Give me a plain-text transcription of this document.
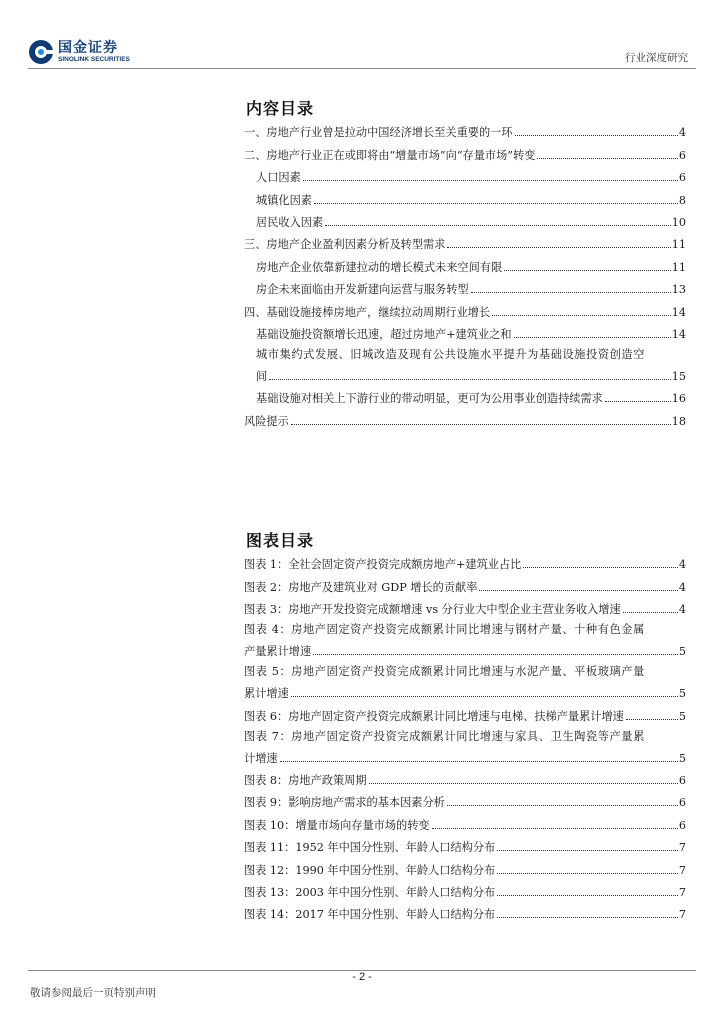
国金证券
SINOLINK SECURITIES	行业深度研究
内容目录
一、房地产行业曾是拉动中国经济增长至关重要的一环	4
二、房地产行业正在或即将由“增量市场”向“存量市场”转变	6
人口因素	6
城镇化因素	8
居民收入因素	10
三、房地产企业盈利因素分析及转型需求	11
房地产企业依靠新建拉动的增长模式未来空间有限	11
房企未来面临由开发新建向运营与服务转型	13
四、基础设施接棒房地产，继续拉动周期行业增长	14
基础设施投资额增长迅速，超过房地产+建筑业之和	14
城市集约式发展、旧城改造及现有公共设施水平提升为基础设施投资创造空
间	15
基础设施对相关上下游行业的带动明显，更可为公用事业创造持续需求	16
风险提示	18
图表目录
图表 1：全社会固定资产投资完成额房地产+建筑业占比	4
图表 2：房地产及建筑业对 GDP 增长的贡献率	4
图表 3：房地产开发投资完成额增速 vs 分行业大中型企业主营业务收入增速	4
图表 4：房地产固定资产投资完成额累计同比增速与钢材产量、十种有色金属
产量累计增速	5
图表 5：房地产固定资产投资完成额累计同比增速与水泥产量、平板玻璃产量
累计增速	5
图表 6：房地产固定资产投资完成额累计同比增速与电梯、扶梯产量累计增速	5
图表 7：房地产固定资产投资完成额累计同比增速与家具、卫生陶瓷等产量累
计增速	5
图表 8：房地产政策周期	6
图表 9：影响房地产需求的基本因素分析	6
图表 10：增量市场向存量市场的转变	6
图表 11：1952 年中国分性别、年龄人口结构分布	7
图表 12：1990 年中国分性别、年龄人口结构分布	7
图表 13：2003 年中国分性别、年龄人口结构分布	7
图表 14：2017 年中国分性别、年龄人口结构分布	7
- 2 -
敬请参阅最后一页特别声明
